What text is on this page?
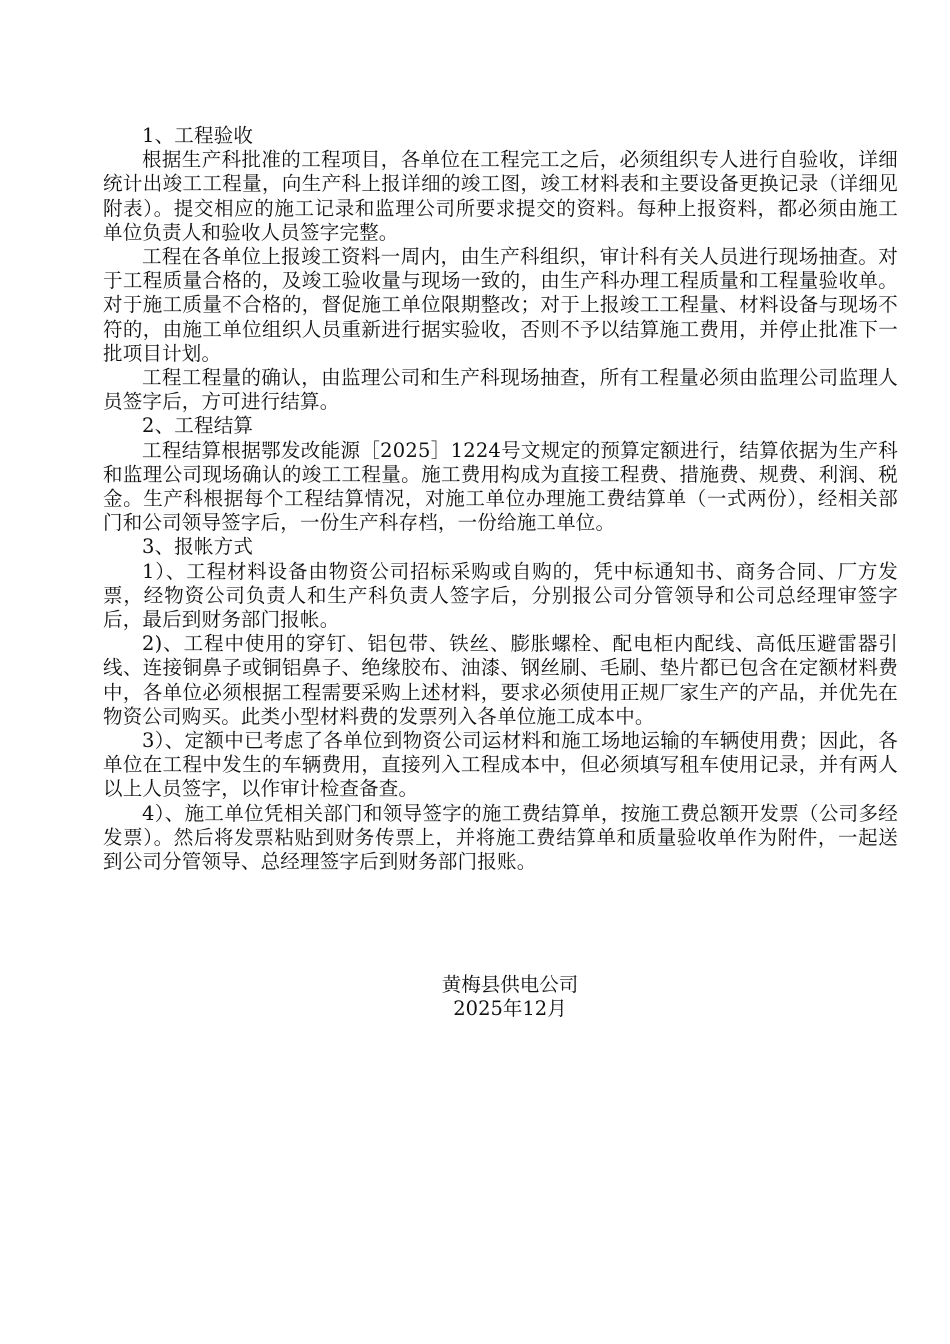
1、工程验收

根据生产科批准的工程项目，各单位在工程完工之后，必须组织专人进行自验收，详细统计出竣工工程量，向生产科上报详细的竣工图，竣工材料表和主要设备更换记录（详细见附表）。提交相应的施工记录和监理公司所要求提交的资料。每种上报资料，都必须由施工单位负责人和验收人员签字完整。

工程在各单位上报竣工资料一周内，由生产科组织，审计科有关人员进行现场抽查。对于工程质量合格的，及竣工验收量与现场一致的，由生产科办理工程质量和工程量验收单。对于施工质量不合格的，督促施工单位限期整改；对于上报竣工工程量、材料设备与现场不符的，由施工单位组织人员重新进行据实验收，否则不予以结算施工费用，并停止批准下一批项目计划。

工程工程量的确认，由监理公司和生产科现场抽查，所有工程量必须由监理公司监理人员签字后，方可进行结算。

2、工程结算

工程结算根据鄂发改能源［2025］1224号文规定的预算定额进行，结算依据为生产科和监理公司现场确认的竣工工程量。施工费用构成为直接工程费、措施费、规费、利润、税金。生产科根据每个工程结算情况，对施工单位办理施工费结算单（一式两份），经相关部门和公司领导签字后，一份生产科存档，一份给施工单位。

3、报帐方式

1）、工程材料设备由物资公司招标采购或自购的，凭中标通知书、商务合同、厂方发票，经物资公司负责人和生产科负责人签字后，分别报公司分管领导和公司总经理审签字后，最后到财务部门报帐。

2)、工程中使用的穿钉、铝包带、铁丝、膨胀螺栓、配电柜内配线、高低压避雷器引线、连接铜鼻子或铜铝鼻子、绝缘胶布、油漆、钢丝刷、毛刷、垫片都已包含在定额材料费中，各单位必须根据工程需要采购上述材料，要求必须使用正规厂家生产的产品，并优先在物资公司购买。此类小型材料费的发票列入各单位施工成本中。

3）、定额中已考虑了各单位到物资公司运材料和施工场地运输的车辆使用费；因此，各单位在工程中发生的车辆费用，直接列入工程成本中，但必须填写租车使用记录，并有两人以上人员签字，以作审计检查备查。

4）、施工单位凭相关部门和领导签字的施工费结算单，按施工费总额开发票（公司多经发票）。然后将发票粘贴到财务传票上，并将施工费结算单和质量验收单作为附件，一起送到公司分管领导、总经理签字后到财务部门报账。

黄梅县供电公司

2025年12月
